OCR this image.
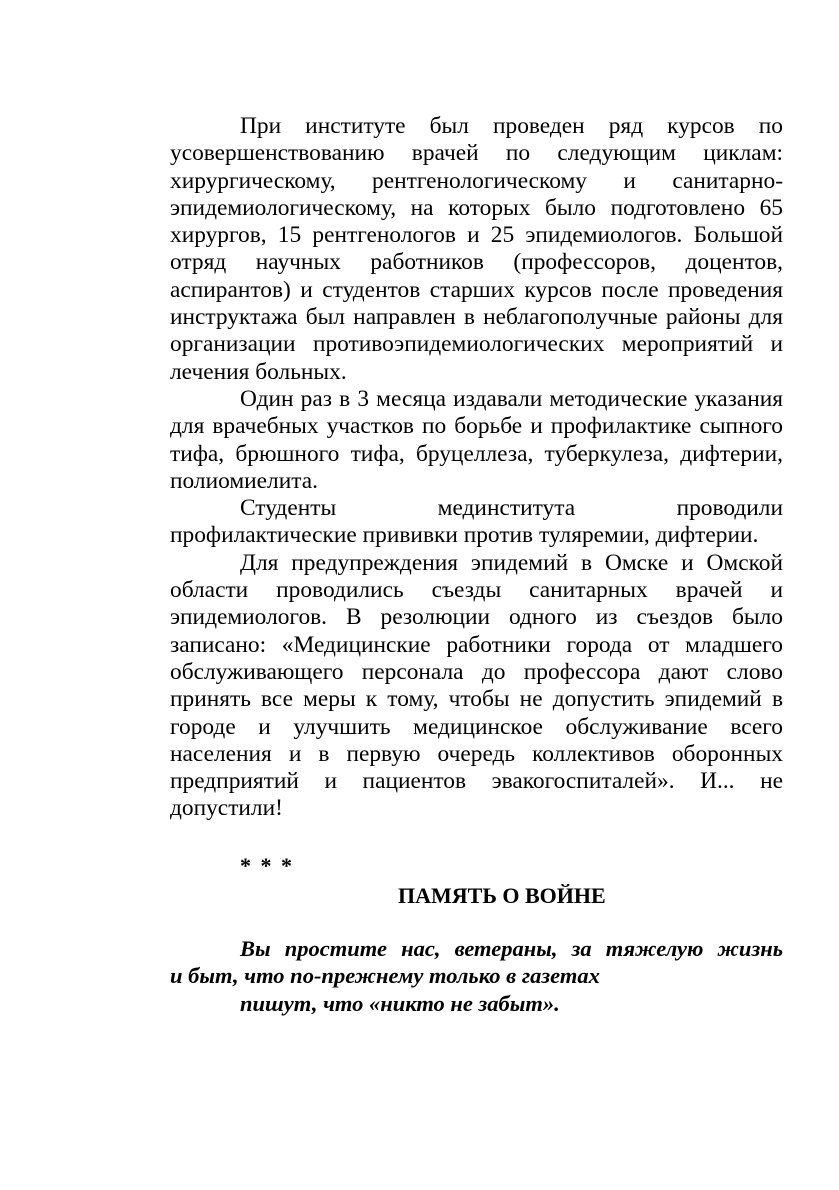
При институте был проведен ряд курсов по усовершенствованию врачей по следующим циклам: хирургическому, рентгенологическому и санитарно-эпидемиологическому, на которых было подготовлено 65 хирургов, 15 рентгенологов и 25 эпидемиологов. Большой отряд научных работников (профессоров, доцентов, аспирантов) и студентов старших курсов после проведения инструктажа был направлен в неблагополучные районы для организации противоэпидемиологических мероприятий и лечения больных.

Один раз в 3 месяца издавали методические указания для врачебных участков по борьбе и профилактике сыпного тифа, брюшного тифа, бруцеллеза, туберкулеза, дифтерии, полиомиелита.

Студенты мединститута проводили

профилактические прививки против туляремии, дифтерии.

Для предупреждения эпидемий в Омске и Омской области проводились съезды санитарных врачей и эпидемиологов. В резолюции одного из съездов было записано: «Медицинские работники города от младшего обслуживающего персонала до профессора дают слово принять все меры к тому, чтобы не допустить эпидемий в городе и улучшить медицинское обслуживание всего населения и в первую очередь коллективов оборонных предприятий и пациентов эвакогоспиталей». И... не допустили!

* * *
ПАМЯТЬ О ВОЙНЕ
Вы простите нас, ветераны, за тяжелую жизнь
и быт, что по-прежнему только в газетах
пишут, что «никто не забыт».
